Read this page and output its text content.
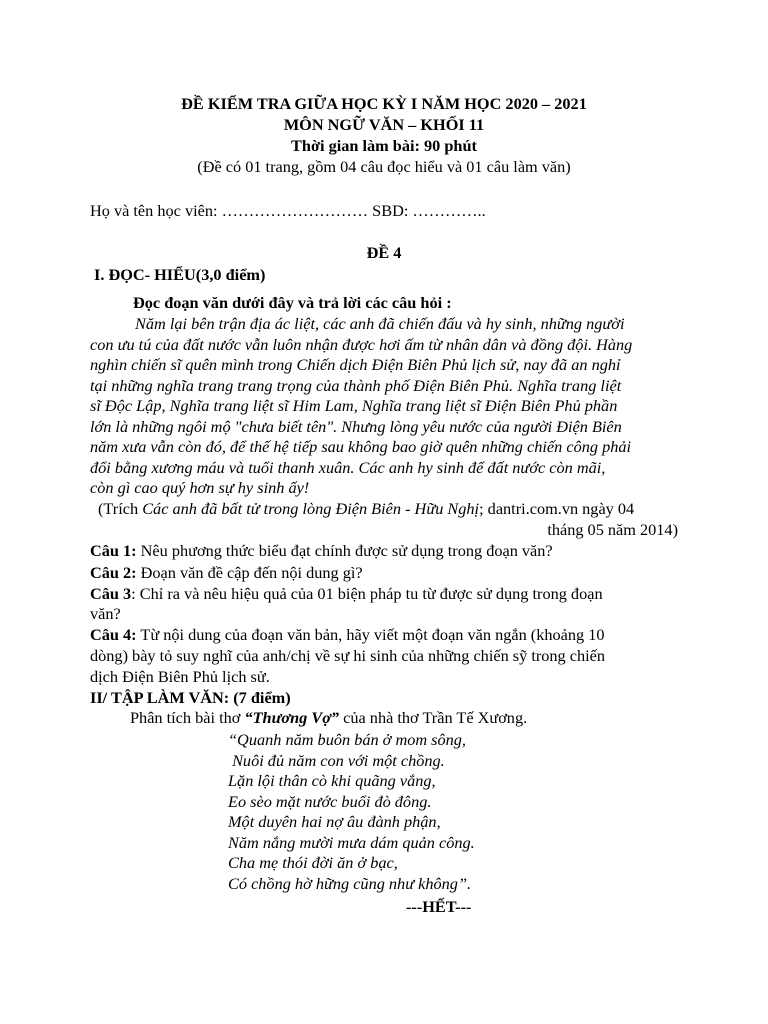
ĐỀ KIỂM TRA GIỮA HỌC KỲ I NĂM HỌC 2020 – 2021
MÔN NGỮ VĂN – KHỐI 11
Thời gian làm bài: 90 phút
(Đề có 01 trang, gồm 04 câu đọc hiểu và 01 câu làm văn)
Họ và tên học viên: ……………………… SBD: …………..
ĐỀ 4
I. ĐỌC- HIỂU(3,0 điểm)
Đọc đoạn văn dưới đây và trả lời các câu hỏi :
Năm lại bên trận địa ác liệt, các anh đã chiến đấu và hy sinh, những người
con ưu tú của đất nước vẫn luôn nhận được hơi ấm từ nhân dân và đồng đội. Hàng
nghìn chiến sĩ quên mình trong Chiến dịch Điện Biên Phủ lịch sử, nay đã an nghỉ
tại những nghĩa trang trang trọng của thành phố Điện Biên Phủ. Nghĩa trang liệt
sĩ Độc Lập, Nghĩa trang liệt sĩ Him Lam, Nghĩa trang liệt sĩ Điện Biên Phủ phần
lớn là những ngôi mộ "chưa biết tên". Nhưng lòng yêu nước của người Điện Biên
năm xưa vẫn còn đó, để thế hệ tiếp sau không bao giờ quên những chiến công phải
đổi bằng xương máu và tuổi thanh xuân. Các anh hy sinh để đất nước còn mãi,
còn gì cao quý hơn sự hy sinh ấy!
(Trích Các anh đã bất tử trong lòng Điện Biên - Hữu Nghị; dantri.com.vn ngày 04
tháng 05 năm 2014)
Câu 1: Nêu phương thức biểu đạt chính được sử dụng trong đoạn văn?
Câu 2: Đoạn văn đề cập đến nội dung gì?
Câu 3: Chỉ ra và nêu hiệu quả của 01 biện pháp tu từ được sử dụng trong đoạn
văn?
Câu 4: Từ nội dung của đoạn văn bản, hãy viết một đoạn văn ngắn (khoảng 10
dòng) bày tỏ suy nghĩ của anh/chị về sự hi sinh của những chiến sỹ trong chiến
dịch Điện Biên Phủ lịch sử.
II/ TẬP LÀM VĂN: (7 điểm)
Phân tích bài thơ “Thương Vợ” của nhà thơ Trần Tế Xương.
“Quanh năm buôn bán ở mom sông,
Nuôi đủ năm con với một chồng.
Lặn lội thân cò khi quãng vắng,
Eo sèo mặt nước buổi đò đông.
Một duyên hai nợ âu đành phận,
Năm nắng mười mưa dám quản công.
Cha mẹ thói đời ăn ở bạc,
Có chồng hờ hững cũng như không”.
---HẾT---
